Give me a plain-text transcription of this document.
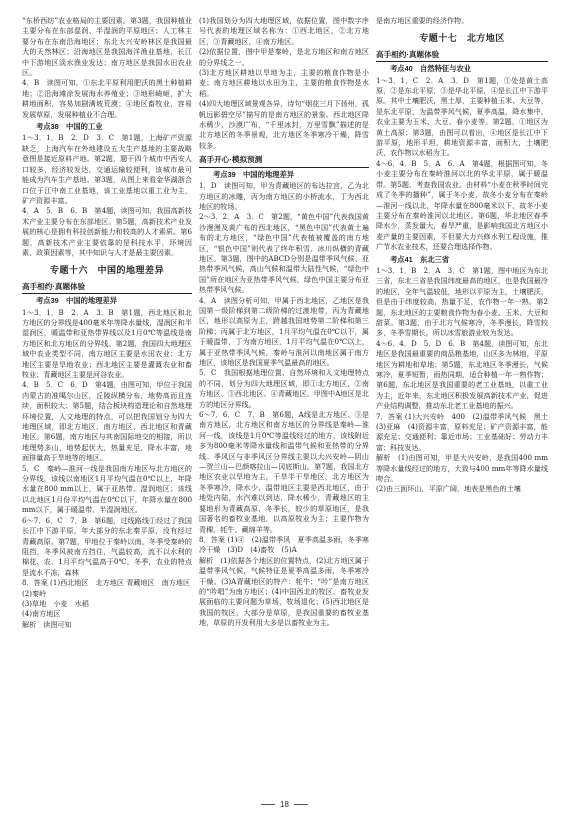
“东桥西纺”农业格局的主要因素。第3题，我国种植业主要分布在东部湿润、半湿润的平原地区；人工林主要分布在东南沿海地区；东北大兴安岭林区是我国最大的天然林区；沿海地区是我国海洋渔业基地，长江中下游地区淡水渔业发达；南方地区是我国水田农业区。

4．B　读图可知，①东北平原利用肥沃的黑土种植耕地；②沿海滩涂发展海水养殖业；③地形崎岖，扩大耕地面积，容易加剧满坡荒漠；④地区畜牧业，容易发展草原，发展种植业不合理。

考点38　中国的工业

1～3．1．B　2．D　3．C　第1题，上海矿产资源缺乏，上海汽车在外地建设五大生产基地的主要战略意图是接近原料产地。第2题，题干四个城市中西安人口较多，经济较发达，交通运输较便利，该城市最可能成为汽车生产基地。第3题，从图上来看金华湖浙合口位于江中南工业基地，该工业基地以重工业为主，矿产资源丰富。

4．A　5．B　6．B　第4题，读图可知，我国高新技术产业主要分布在东部地区。第5题，高新技术产业发展的核心是拥有科技创新能力和较高的人才素质。第6题，高新技术产业主要依靠的是科技水平，环境因素、政策因素等，其中知识与人才是最主要因素。

专题十六　中国的地理差异
高手相约·真题体验
考点39　中国的地理差异

1～3．1．B　2．A　3．B　第1题，西北地区和北方地区的分界线是400毫米年等降水量线，湿润区和半湿润区，暖温带和亚热带界线以及1月0℃等温线是南方地区和北方地区的分界线。第2题，我国四大地理区域中农业类型不同，南方地区主要是水田农业；北方地区主要是旱地农业；西北地区主要是灌溉农业和畜牧业；青藏地区主要是河谷农业。

4．B　5．C　6．D　第4题，由图可知，甲位于我国内蒙古的准噶尔山区，丘陵纵横分布，地势高而且连续，面积较大；第5题，结合板块构造理论和自然地理环境位置，人文地理的特点，可以把我国划分为四大地理区域，即北方地区、南方地区、西北地区和青藏地区。第6题，南方地区与其南国际地交的相接，所以地理势多山，地势起伏大，热量充足，降水丰富，地面排量高于旱地等的地区。

5．C　秦岭—淮河一线是我国南方地区与北方地区的分界线，该线以南地区1月平均气温在0℃以上，年降水量在800 mm以上，属于亚热带、湿润地区；该线以北地区1月份平均气温在0℃以下，年降水量在800 mm以下，属于暖温带、半湿润地区。

6～7．6．C　7．B　第6题，过线路线①经过了我国长江中下游平原，年大部分的东北秦平原，没有经过青藏高原。第7题，甲地位于秦岭以南，冬季受秦岭的阻挡，冬季风被南方挡住，气温较高，流不以水利的棉花、农、1月平均气温高于0℃，冬季，农业的特点是流水不冻，森林

8．答案 (1)西北地区　北方地区 青藏地区　南方地区

(2)秦岭

(3)草地　小麦　水稻

(4)南方地区

解析　读图可知

(1)我国划分为四大地理区域，依据位置，图中数字序号代表的地理区域名称为：①西北地区，②北方地区，③青藏地区，④南方地区。

(2)依据位置，图中甲是秦岭，是北方地区和南方地区的分界线之一。

(3)北方地区耕地以旱地为主，主要的粮食作物是小麦；南方地区耕地以水田为主，主要的粮食作物是水稻。

(4)四大地理区域景观各异，诗句“烟花三月下扬州，孤帆远影碧空尽”描写的是南方地区的景象。西北地区降水稀少、沙漠广布，“千里冰封，万里雪飘”描述的是北方地区的冬季景观，北方地区冬季寒冷干燥，降雪较多。

高手开心·模拟预测
考点39　中国的地理差异

1．D　读图可知，甲为青藏地区的布达拉宫，乙为北方地区的冰雕，丙为南方地区的小桥流水，丁为西北地区的牧场。

2～3．2．A　3．C　第2题，“黄色中国”代表我国黄沙漫漫及黄广布的西北地区，“黑色中国”代表黄土遍布的北方地区，“绿色中国”代表植被覆盖的南方地区，“银色中国”则代表了终年积雪、冰川纵横的青藏地区。第3题，图中的ABCD分别是温带季风气候、亚热带季风气候，高山气候和温带大陆性气候，“绿色中国”所在地区为亚热带季风气候，绿色中国主要分布亚热带季风气候。

4．A　读图分析可知，甲属于西北地区，乙地区是我国第一级阶梯到第二级阶梯的过渡地带，丙为青藏地区，地形以高原为主，跨越我国地势第二阶梯和第三阶梯；丙属于北方地区，1月平均气温在0℃以下，属于暖温带，丁为南方地区，1月平均气温在0℃以上，属于亚热带季风气候，秦岭与淮河以南地区属于南方地区，该地区是我国夏季气温最高的地区。

5．C　我国根据地理位置、自然环境和人文地理特点的不同，划分为四大地理区域，即①北方地区、②南方地区、③西北地区、④青藏地区。甲图中A地区是北方的地区分界线。

6～7．6．C　7．B　第6题，A线是北方地区、③是南方地区，北方地区和南方地区的分界线是秦岭—淮河一线，该线是1月0℃等温线经过的地方，该线附近多为800毫米等降水量线和温带气候和亚热带的分界线。季风区与非季风区分界线主要以大兴安岭—阴山—贺兰山—巴颜喀拉山—冈底斯山。第7题，我国北方地区农业以旱地为主，干旱半干旱地区，北方地区为冬季寒冷，降水少，温带地区主要是西北地区，由于地处内陆，水汽难以到达，降水稀少，青藏地区的主要地形为青藏高原，冬季长，较少的草原地区，是我国著名的畜牧业基地，以高原牧业为主；主要作物为青稞、牦牛、藏绵羊等。

8．答案 (1)④　(2)温带季风　夏季高温多雨，冬季寒冷干燥　(3)D　(4)畜牧　(5)A

解析　(1)依据各个地区的位置特点，(2)北方地区属于温带季风气候，气候特征是夏季高温多雨，冬季寒冷干燥。(3)A青藏地区的特产：牦牛；“吟”是南方地区的“吟唱”为南方地区；(4)中国西北的牧区，畜牧业发展面临的主要问题为草场，牧场退化；(5)西北地区是我国的牧区，大部分是草原，是我国重要的畜牧业基地，草原的开发利用大多是以畜牧业为主。

是南方地区重要的经济作物。

专题十七　北方地区
高手相约·真题体验
考点40　自然特征与农业

1～3．1．C　2．A　3．D　第1题，①处是黄土高原，②是东北平原，③是华北平原，④是长江中下游平原。其中土壤肥沃，黑土厚，主要种植玉米、大豆等，是东北平原，为温带季风气候，夏季高温，降水集中，农业主要为玉米、大豆、春小麦等。第2题，①地区为黄土高原；第3题，由图可以看出，④地区是长江中下游平原，地形平坦，耕地资源丰富，面积大，土壤肥沃，农作物以水稻为主。

4～6．4．B　5．A　6．A　第4题，根据图可知，冬小麦主要分布在秦岭淮河以北的华北平原，属于暖温带。第5题，考查我国农业。由材料“小麦在秋季时间完成了冬季的播种”，属于冬小麦，故冬小麦分布在秦岭—淮河一线以北，年降水量在800毫米以下，故冬小麦主要分布在秦岭淮河以北地区。第6题，华北地区春季降水少，蒸发量大，春旱严重，是影响我国北方地区小麦产量的主要因素，不但要大力兴修水利工程设施，推广节水农业技术，还要合理选择作物。

考点41　东北三省

1～3．1．B　2．A　3．C　第1题，图中地区为东北三省，东北三省是我国纬度最高的地区，也是我国最冷的地区，全年气温较低，地形以平原为主，土壤肥沃，但是由于纬度较高，热量不足，农作物一年一熟。第2题，东北地区的主要粮食作物为春小麦、玉米、大豆和甜菜。第3题，由于北方气候寒冷，冬季漫长，降雪较多，冬季雪期长，所以冰雪旅游业较为发达。

4～6．4．D　5．D　6．B　第4题，读图可知，东北地区是我国最重要的商品粮基地，山区多为林地，平原地区为耕地和草地；第5题，东北地区冬季漫长，气候寒冷，夏季短暂，雨热同期，适合种植一年一熟作物；第6题，东北地区是我国重要的老工业基地，以重工业为主，近年来，东北地区积极发展高新技术产业，促进产业结构调整，推动东北老工业基地的振兴。

7．答案 (1)大兴安岭　400　(2)温带季风气候　黑土　(3)亚麻　(4)资源丰富，原料充足；矿产资源丰富，能源充足；交通便利；靠近市场；工业基础好；劳动力丰富；科技发达。

解析　(1)由图可知，甲是大兴安岭，是我国400 mm等降水量线经过的地方，大致与400 mm年等降水量线吻合。

(2)由三面环山，平原广阔，地表是黑色的土壤

18
